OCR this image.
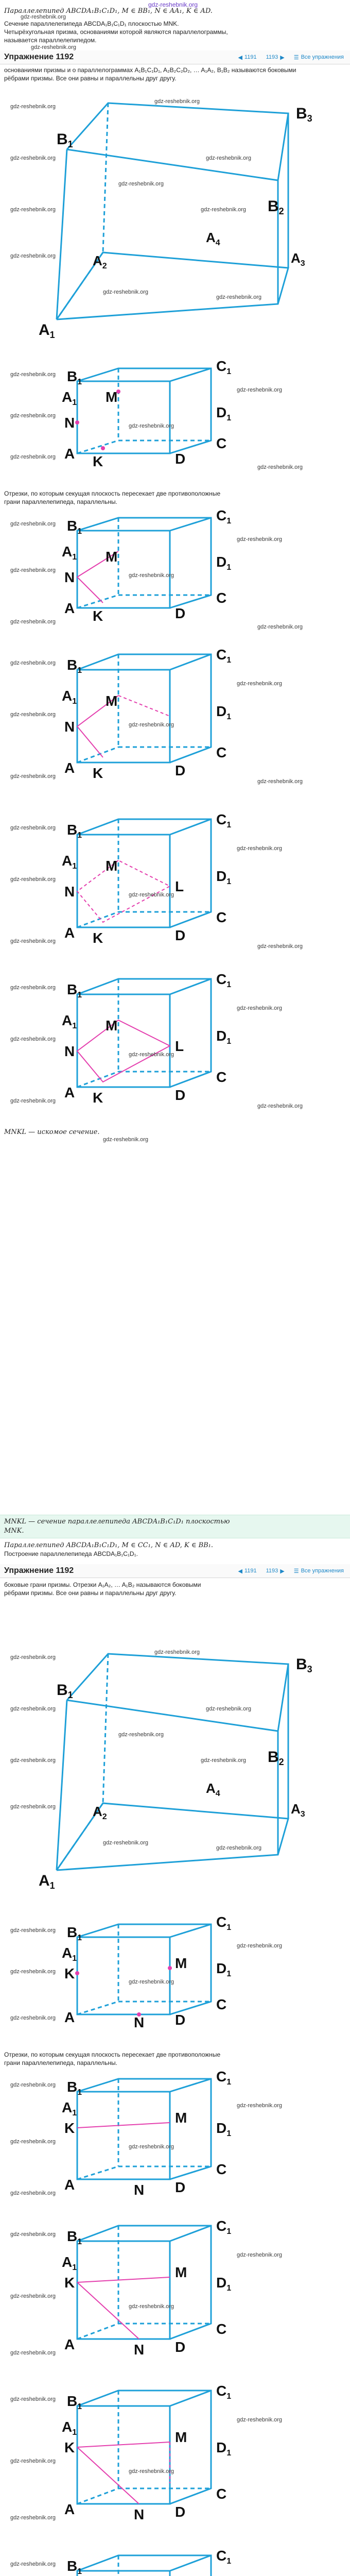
gdz-reshebnik.org
Параллелепипед ABCDA₁B₁C₁D₁, M ∈ BB₁, N ∈ AA₁, K ∈ AD.
gdz-reshebnik.org
Сечение параллелепипеда ABCDA₁B₁C₁D₁ плоскостью MNK.
Четырёхугольная призма, основаниями которой являются параллелограммы,
называется параллелепипедом.
gdz-reshebnik.org
Упражнение 1192	◀ 1191 1193 ▶ ☰ Все упражнения
основаниями призмы и о параллелограммах A₁B₁C₁D₁, A₂B₂C₂D₂, … A₁A₂, B₁B₂ называются боковыми
рёбрами призмы. Все они равны и параллельны друг другу.
$B_1$
$B_2$
$B_3$
$A_4$
$A_3$
$A_2$
$A_1$
gdz-reshebnik.org
gdz-reshebnik.org
gdz-reshebnik.org	gdz-reshebnik.org
gdz-reshebnik.org
gdz-reshebnik.org	gdz-reshebnik.org
gdz-reshebnik.org
gdz-reshebnik.org
gdz-reshebnik.org
$B_1$
$C_1$
$A_1$
$D_1$
M
N
A K	D
C
gdz-reshebnik.org
gdz-reshebnik.org
gdz-reshebnik.org
gdz-reshebnik.org
gdz-reshebnik.org
gdz-reshebnik.org
Отрезки, по которым секущая плоскость пересекает две противоположные
грани параллелепипеда, параллельны.
$B_1$
$C_1$
$A_1$	$D_1$
M
N
A K	D
C
gdz-reshebnik.org
gdz-reshebnik.org
gdz-reshebnik.org
gdz-reshebnik.org
gdz-reshebnik.org
gdz-reshebnik.org
$B_1$
$C_1$
$A_1$
$D_1$
M
N
A K	D
C
gdz-reshebnik.org
gdz-reshebnik.org
gdz-reshebnik.org
gdz-reshebnik.org
gdz-reshebnik.org
gdz-reshebnik.org
$B_1$
$C_1$
$A_1$
$D_1$
M
N	L
A K	D
C
gdz-reshebnik.org
gdz-reshebnik.org
gdz-reshebnik.org
gdz-reshebnik.org
gdz-reshebnik.org
gdz-reshebnik.org
$B_1$
$C_1$
$A_1$
$D_1$
M
N	L
A K	D
C
gdz-reshebnik.org
gdz-reshebnik.org
gdz-reshebnik.org
gdz-reshebnik.org
gdz-reshebnik.org
gdz-reshebnik.org
MNKL — искомое сечение.
gdz-reshebnik.org
MNKL — сечение параллелепипеда ABCDA₁B₁C₁D₁ плоскостью
MNK.
Параллелепипед ABCDA₁B₁C₁D₁, M ∈ CC₁, N ∈ AD, K ∈ BB₁.
Построение параллелепипеда ABCDA₁B₁C₁D₁.
Упражнение 1192	◀ 1191 1193 ▶ ☰ Все упражнения
боковые грани призмы. Отрезки A₁A₂, … A₁B₂ называются боковыми
рёбрами призмы. Все они равны и параллельны друг другу.
$B_1$
$B_2$
$B_3$
$A_4$
$A_3$
$A_2$
$A_1$
gdz-reshebnik.org
gdz-reshebnik.org
gdz-reshebnik.org	gdz-reshebnik.org
gdz-reshebnik.org
gdz-reshebnik.org	gdz-reshebnik.org
gdz-reshebnik.org
gdz-reshebnik.org
gdz-reshebnik.org
$B_1$
$C_1$
$A_1$
$D_1$
K
M
A	N D
C
gdz-reshebnik.org
gdz-reshebnik.org
gdz-reshebnik.org
gdz-reshebnik.org
gdz-reshebnik.org
Отрезки, по которым секущая плоскость пересекает две противоположные
грани параллелепипеда, параллельны.
$B_1$
$C_1$
$A_1$
$D_1$
K
M
A	N D
C
gdz-reshebnik.org
gdz-reshebnik.org
gdz-reshebnik.org
gdz-reshebnik.org
gdz-reshebnik.org
$B_1$
$C_1$
$A_1$
$D_1$
K
M
A	N D
C
gdz-reshebnik.org
gdz-reshebnik.org
gdz-reshebnik.org
gdz-reshebnik.org
gdz-reshebnik.org
$B_1$
$C_1$
$A_1$
$D_1$
K
M
A	N D
C
gdz-reshebnik.org
gdz-reshebnik.org
gdz-reshebnik.org
gdz-reshebnik.org
gdz-reshebnik.org
$B_1$
$C_1$
gdz-reshebnik.org
